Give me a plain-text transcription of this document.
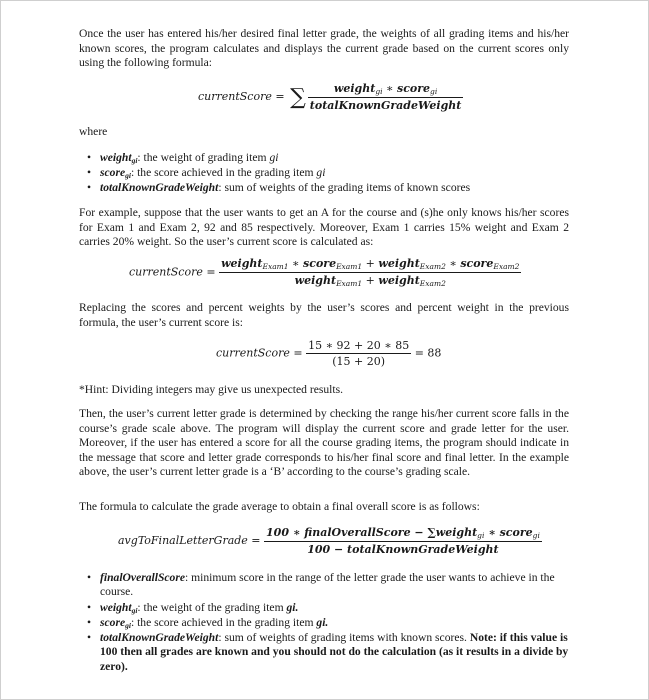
Once the user has entered his/her desired final letter grade, the weights of all grading items and his/her known scores, the program calculates and displays the current grade based on the current scores only using the following formula:
currentScore = ∑ $\frac{weight_{gi} ∗ score_{gi}}{\text{totalKnownGradeWeight}}$
where
• weight$_{gi}$: the weight of grading item gi
• score$_{gi}$: the score achieved in the grading item gi
• totalKnownGradeWeight: sum of weights of the grading items of known scores
For example, suppose that the user wants to get an A for the course and (s)he only knows his/her scores for Exam 1 and Exam 2, 92 and 85 respectively. Moreover, Exam 1 carries 15% weight and Exam 2 carries 20% weight. So the user’s current score is calculated as:
currentScore = $\frac{weight_{Exam1} ∗ score_{Exam1} + weight_{Exam2} ∗ score_{Exam2}}{weight_{Exam1} + weight_{Exam2}}$
Replacing the scores and percent weights by the user’s scores and percent weight in the previous formula, the user’s current score is:
currentScore = $\frac{15 ∗ 92 + 20 ∗ 85}{(15 + 20)} = 88$
*Hint: Dividing integers may give us unexpected results.
Then, the user’s current letter grade is determined by checking the range his/her current score falls in the course’s grade scale above. The program will display the current score and grade letter for the user. Moreover, if the user has entered a score for all the course grading items, the program should indicate in the message that score and letter grade corresponds to his/her final score and final letter. In the example above, the user’s current letter grade is a ‘B’ according to the course’s grading scale.
The formula to calculate the grade average to obtain a final overall score is as follows:
avgToFinalLetterGrade = $\frac{100 ∗ finalOverallScore - \sum weight_{gi} ∗ score_{gi}}{\text{100 − totalKnownGradeWeight}}$
• finalOverallScore: minimum score in the range of the letter grade the user wants to achieve in the course.
• weight$_{gi}$: the weight of the grading item gi.
• score$_{gi}$: the score achieved in the grading item gi.
• totalKnownGradeWeight: sum of weights of grading items with known scores. Note: if this value is 100 then all grades are known and you should not do the calculation (as it results in a divide by zero).
